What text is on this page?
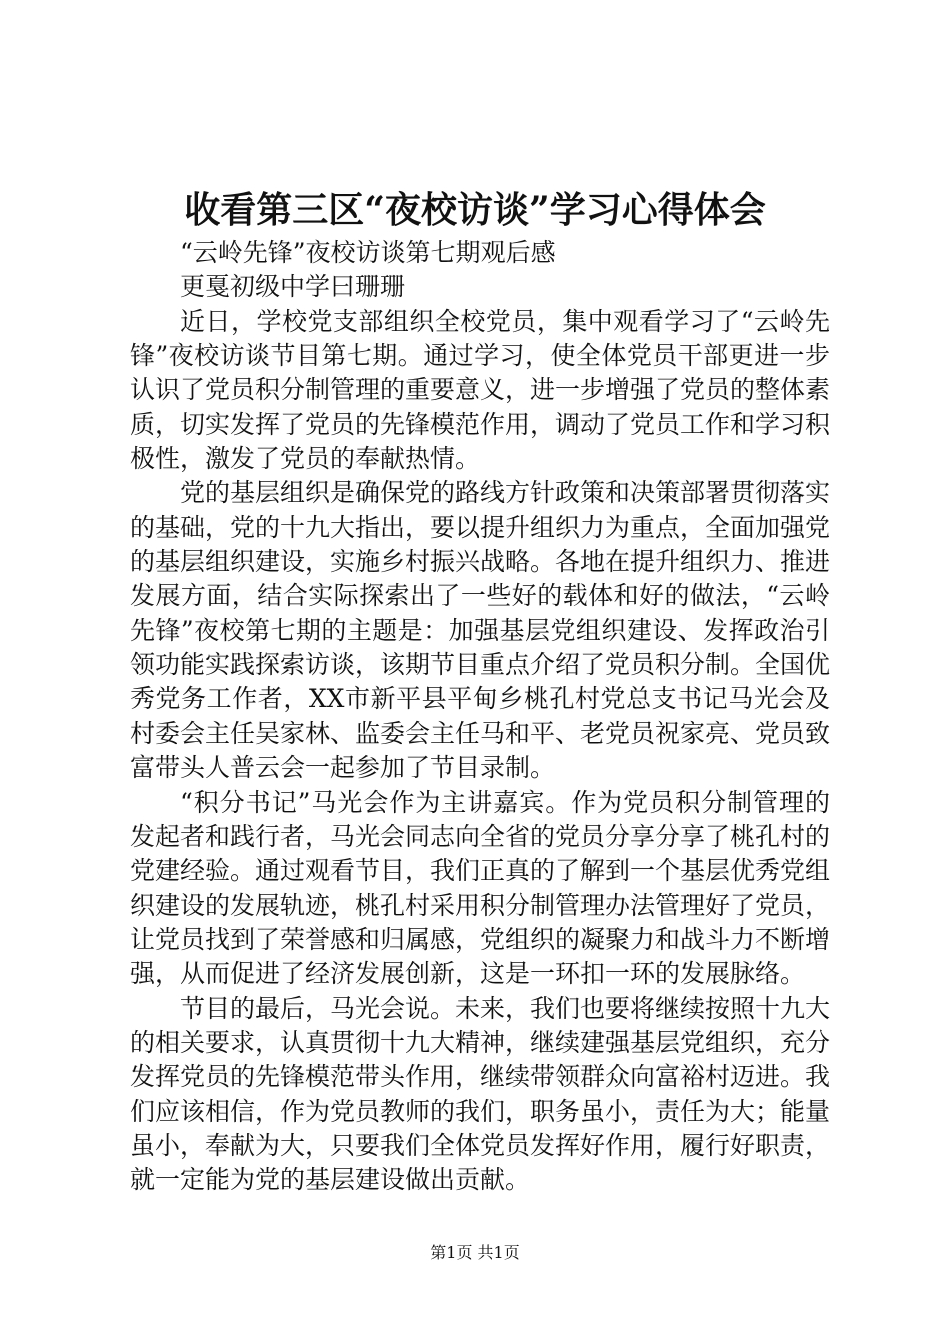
收看第三区“夜校访谈”学习心得体会

“云岭先锋”夜校访谈第七期观后感

更戛初级中学曰珊珊

近日，学校党支部组织全校党员，集中观看学习了“云岭先锋”夜校访谈节目第七期。通过学习，使全体党员干部更进一步认识了党员积分制管理的重要意义，进一步增强了党员的整体素质，切实发挥了党员的先锋模范作用，调动了党员工作和学习积极性，激发了党员的奉献热情。

党的基层组织是确保党的路线方针政策和决策部署贯彻落实的基础，党的十九大指出，要以提升组织力为重点，全面加强党的基层组织建设，实施乡村振兴战略。各地在提升组织力、推进发展方面，结合实际探索出了一些好的载体和好的做法，“云岭先锋”夜校第七期的主题是：加强基层党组织建设、发挥政治引领功能实践探索访谈，该期节目重点介绍了党员积分制。全国优秀党务工作者，XX市新平县平甸乡桃孔村党总支书记马光会及村委会主任吴家林、监委会主任马和平、老党员祝家亮、党员致富带头人普云会一起参加了节目录制。

“积分书记”马光会作为主讲嘉宾。作为党员积分制管理的发起者和践行者，马光会同志向全省的党员分享分享了桃孔村的党建经验。通过观看节目，我们正真的了解到一个基层优秀党组织建设的发展轨迹，桃孔村采用积分制管理办法管理好了党员，让党员找到了荣誉感和归属感，党组织的凝聚力和战斗力不断增强，从而促进了经济发展创新，这是一环扣一环的发展脉络。

节目的最后，马光会说。未来，我们也要将继续按照十九大的相关要求，认真贯彻十九大精神，继续建强基层党组织，充分发挥党员的先锋模范带头作用，继续带领群众向富裕村迈进。我们应该相信，作为党员教师的我们，职务虽小，责任为大；能量虽小，奉献为大，只要我们全体党员发挥好作用，履行好职责，就一定能为党的基层建设做出贡献。

第1页 共1页
